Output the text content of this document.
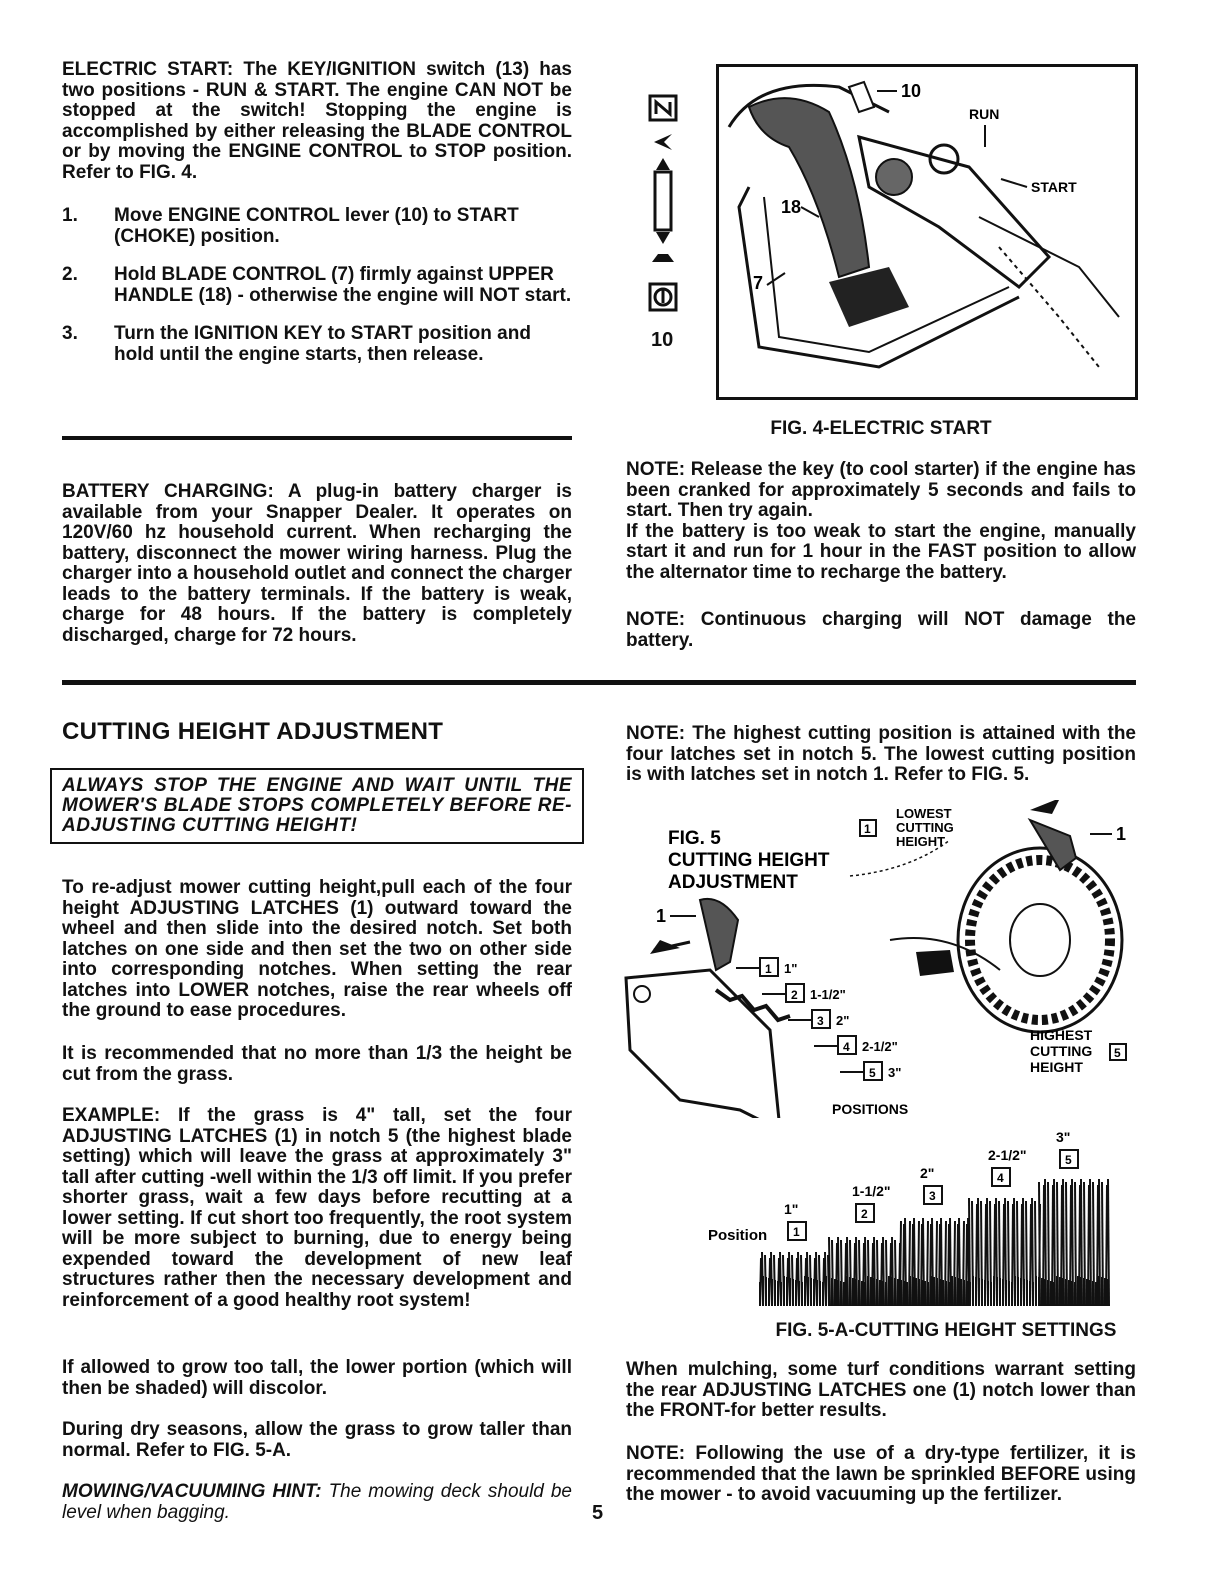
ELECTRIC START: The KEY/IGNITION switch (13) has two positions - RUN & START. The engine CAN NOT be stopped at the switch! Stopping the engine is accomplished by either releasing the BLADE CONTROL or by moving the ENGINE CONTROL to STOP position. Refer to FIG. 4.
1. Move ENGINE CONTROL lever (10) to START (CHOKE) position.
2. Hold BLADE CONTROL (7) firmly against UPPER HANDLE (18) - otherwise the engine will NOT start.
3. Turn the IGNITION KEY to START position and hold until the engine starts, then release.
BATTERY CHARGING: A plug-in battery charger is available from your Snapper Dealer. It operates on 120V/60 hz household current. When recharging the battery, disconnect the mower wiring harness. Plug the charger into a household outlet and connect the charger leads to the battery terminals. If the battery is weak, charge for 48 hours. If the battery is completely discharged, charge for 72 hours.
10
10
RUN
START
18
7
FIG. 4-ELECTRIC START
NOTE: Release the key (to cool starter) if the engine has been cranked for approximately 5 seconds and fails to start. Then try again.
If the battery is too weak to start the engine, manually start it and run for 1 hour in the FAST position to allow the alternator time to recharge the battery.
NOTE: Continuous charging will NOT damage the battery.
CUTTING HEIGHT ADJUSTMENT
ALWAYS STOP THE ENGINE AND WAIT UNTIL THE MOWER'S BLADE STOPS COMPLETELY BEFORE RE-ADJUSTING CUTTING HEIGHT!
To re-adjust mower cutting height,pull each of the four height ADJUSTING LATCHES (1) outward toward the wheel and then slide into the desired notch. Set both latches on one side and then set the two on other side into corresponding notches. When setting the rear latches into LOWER notches, raise the rear wheels off the ground to ease procedures.
It is recommended that no more than 1/3 the height be cut from the grass.
EXAMPLE: If the grass is 4" tall, set the four ADJUSTING LATCHES (1) in notch 5 (the highest blade setting) which will leave the grass at approximately 3" tall after cutting -well within the 1/3 off limit. If you prefer shorter grass, wait a few days before recutting at a lower setting. If cut short too frequently, the root system will be more subject to burning, due to energy being expended toward the development of new leaf structures rather then the necessary development and reinforcement of a good healthy root system!
If allowed to grow too tall, the lower portion (which will then be shaded) will discolor.
During dry seasons, allow the grass to grow taller than normal. Refer to FIG. 5-A.
MOWING/VACUUMING HINT: The mowing deck should be level when bagging.	5
NOTE: The highest cutting position is attained with the four latches set in notch 5. The lowest cutting position is with latches set in notch 1. Refer to FIG. 5.
FIG. 5
CUTTING HEIGHT
ADJUSTMENT
1
LOWEST
CUTTING
HEIGHT	1
HIGHEST
CUTTING 5
HEIGHT
1
1 1"
2 1-1/2"
3 2"
4 2-1/2"
5 3"
POSITIONS
Position 1
1"	2
1-1/2"	3
2"	4
2-1/2"	5
3"
FIG. 5-A-CUTTING HEIGHT SETTINGS
When mulching, some turf conditions warrant setting the rear ADJUSTING LATCHES one (1) notch lower than the FRONT-for better results.
NOTE: Following the use of a dry-type fertilizer, it is recommended that the lawn be sprinkled BEFORE using the mower - to avoid vacuuming up the fertilizer.
